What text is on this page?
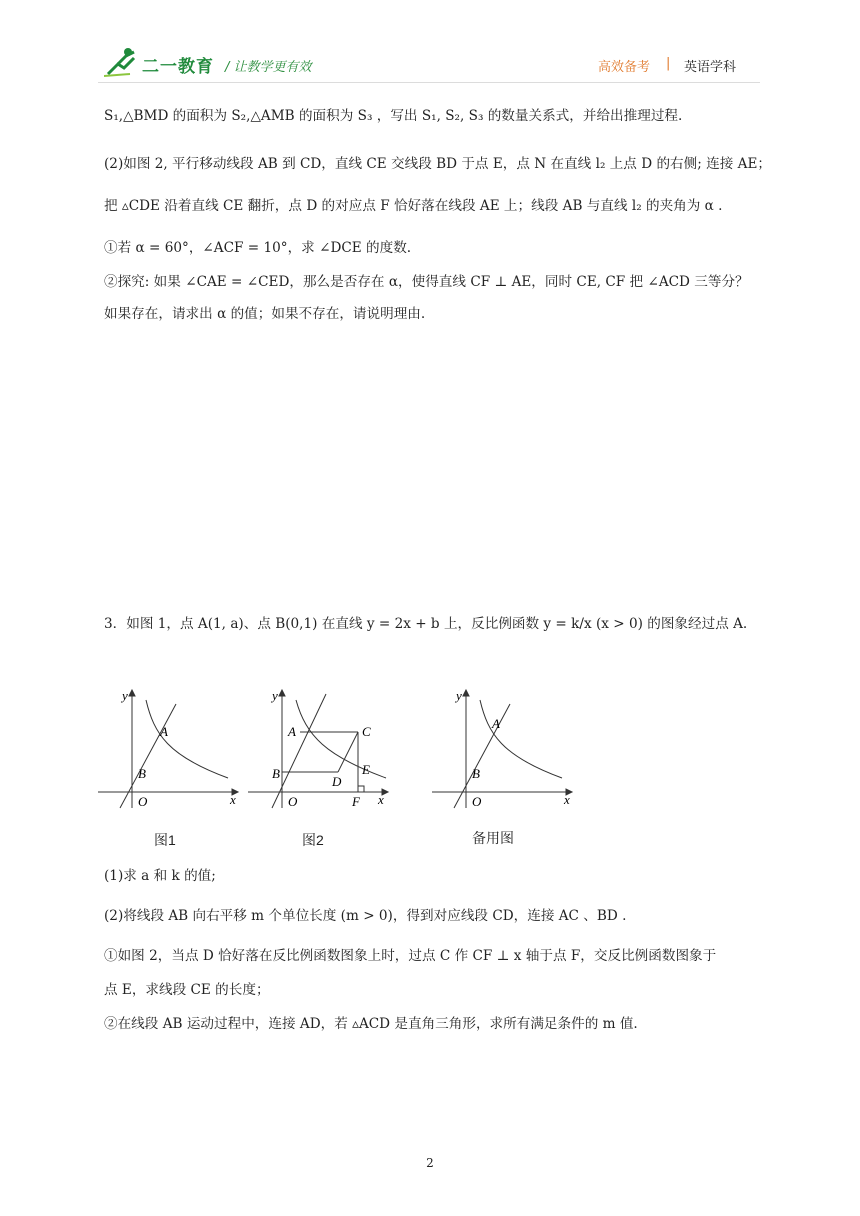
二一教育 / 让教学更有效	高效备考 | 英语学科
S₁,△BMD 的面积为 S₂,△AMB 的面积为 S₃ ，写出 S₁, S₂, S₃ 的数量关系式，并给出推理过程.
(2)如图 2, 平行移动线段 AB 到 CD，直线 CE 交线段 BD 于点 E，点 N 在直线 l₂ 上点 D 的右侧; 连接 AE；
把 ▵CDE 沿着直线 CE 翻折，点 D 的对应点 F 恰好落在线段 AE 上；线段 AB 与直线 l₂ 的夹角为 α .
①若 α = 60°，∠ACF = 10°，求 ∠DCE 的度数.
②探究: 如果 ∠CAE = ∠CED，那么是否存在 α，使得直线 CF ⊥ AE，同时 CE, CF 把 ∠ACD 三等分？
如果存在，请求出 α 的值；如果不存在，请说明理由.
3．如图 1，点 A(1, a)、点 B(0,1) 在直线 y = 2x + b 上，反比例函数 y = k/x (x > 0) 的图象经过点 A.
y
x
O
A
B
图1
y
x
O
A
B
C
D
E
F
图2
y
x
O
A
B
备用图
(1)求 a 和 k 的值;
(2)将线段 AB 向右平移 m 个单位长度 (m > 0)，得到对应线段 CD，连接 AC 、BD .
①如图 2，当点 D 恰好落在反比例函数图象上时，过点 C 作 CF ⊥ x 轴于点 F，交反比例函数图象于
点 E，求线段 CE 的长度；
②在线段 AB 运动过程中，连接 AD，若 ▵ACD 是直角三角形，求所有满足条件的 m 值.
2
